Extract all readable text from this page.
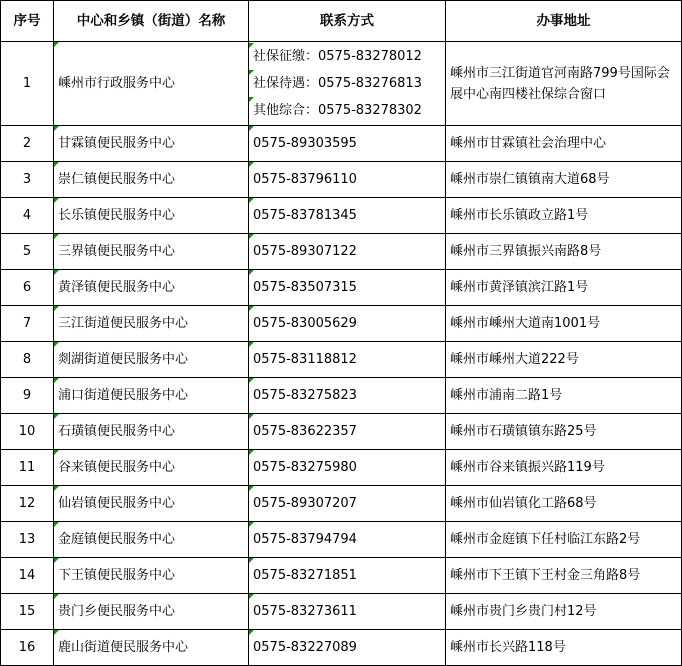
序号	中心和乡镇（街道）名称	联系方式	办事地址
1	嵊州市行政服务中心	社保征缴：0575-83278012
社保待遇：0575-83276813
其他综合：0575-83278302	嵊州市三江街道官河南路799号国际会展中心南四楼社保综合窗口
2	甘霖镇便民服务中心	0575-89303595	嵊州市甘霖镇社会治理中心
3	崇仁镇便民服务中心	0575-83796110	嵊州市崇仁镇镇南大道68号
4	长乐镇便民服务中心	0575-83781345	嵊州市长乐镇政立路1号
5	三界镇便民服务中心	0575-89307122	嵊州市三界镇振兴南路8号
6	黄泽镇便民服务中心	0575-83507315	嵊州市黄泽镇滨江路1号
7	三江街道便民服务中心	0575-83005629	嵊州市嵊州大道南1001号
8	剡湖街道便民服务中心	0575-83118812	嵊州市嵊州大道222号
9	浦口街道便民服务中心	0575-83275823	嵊州市浦南二路1号
10	石璜镇便民服务中心	0575-83622357	嵊州市石璜镇镇东路25号
11	谷来镇便民服务中心	0575-83275980	嵊州市谷来镇振兴路119号
12	仙岩镇便民服务中心	0575-89307207	嵊州市仙岩镇化工路68号
13	金庭镇便民服务中心	0575-83794794	嵊州市金庭镇下任村临江东路2号
14	下王镇便民服务中心	0575-83271851	嵊州市下王镇下王村金三角路8号
15	贵门乡便民服务中心	0575-83273611	嵊州市贵门乡贵门村12号
16	鹿山街道便民服务中心	0575-83227089	嵊州市长兴路118号
